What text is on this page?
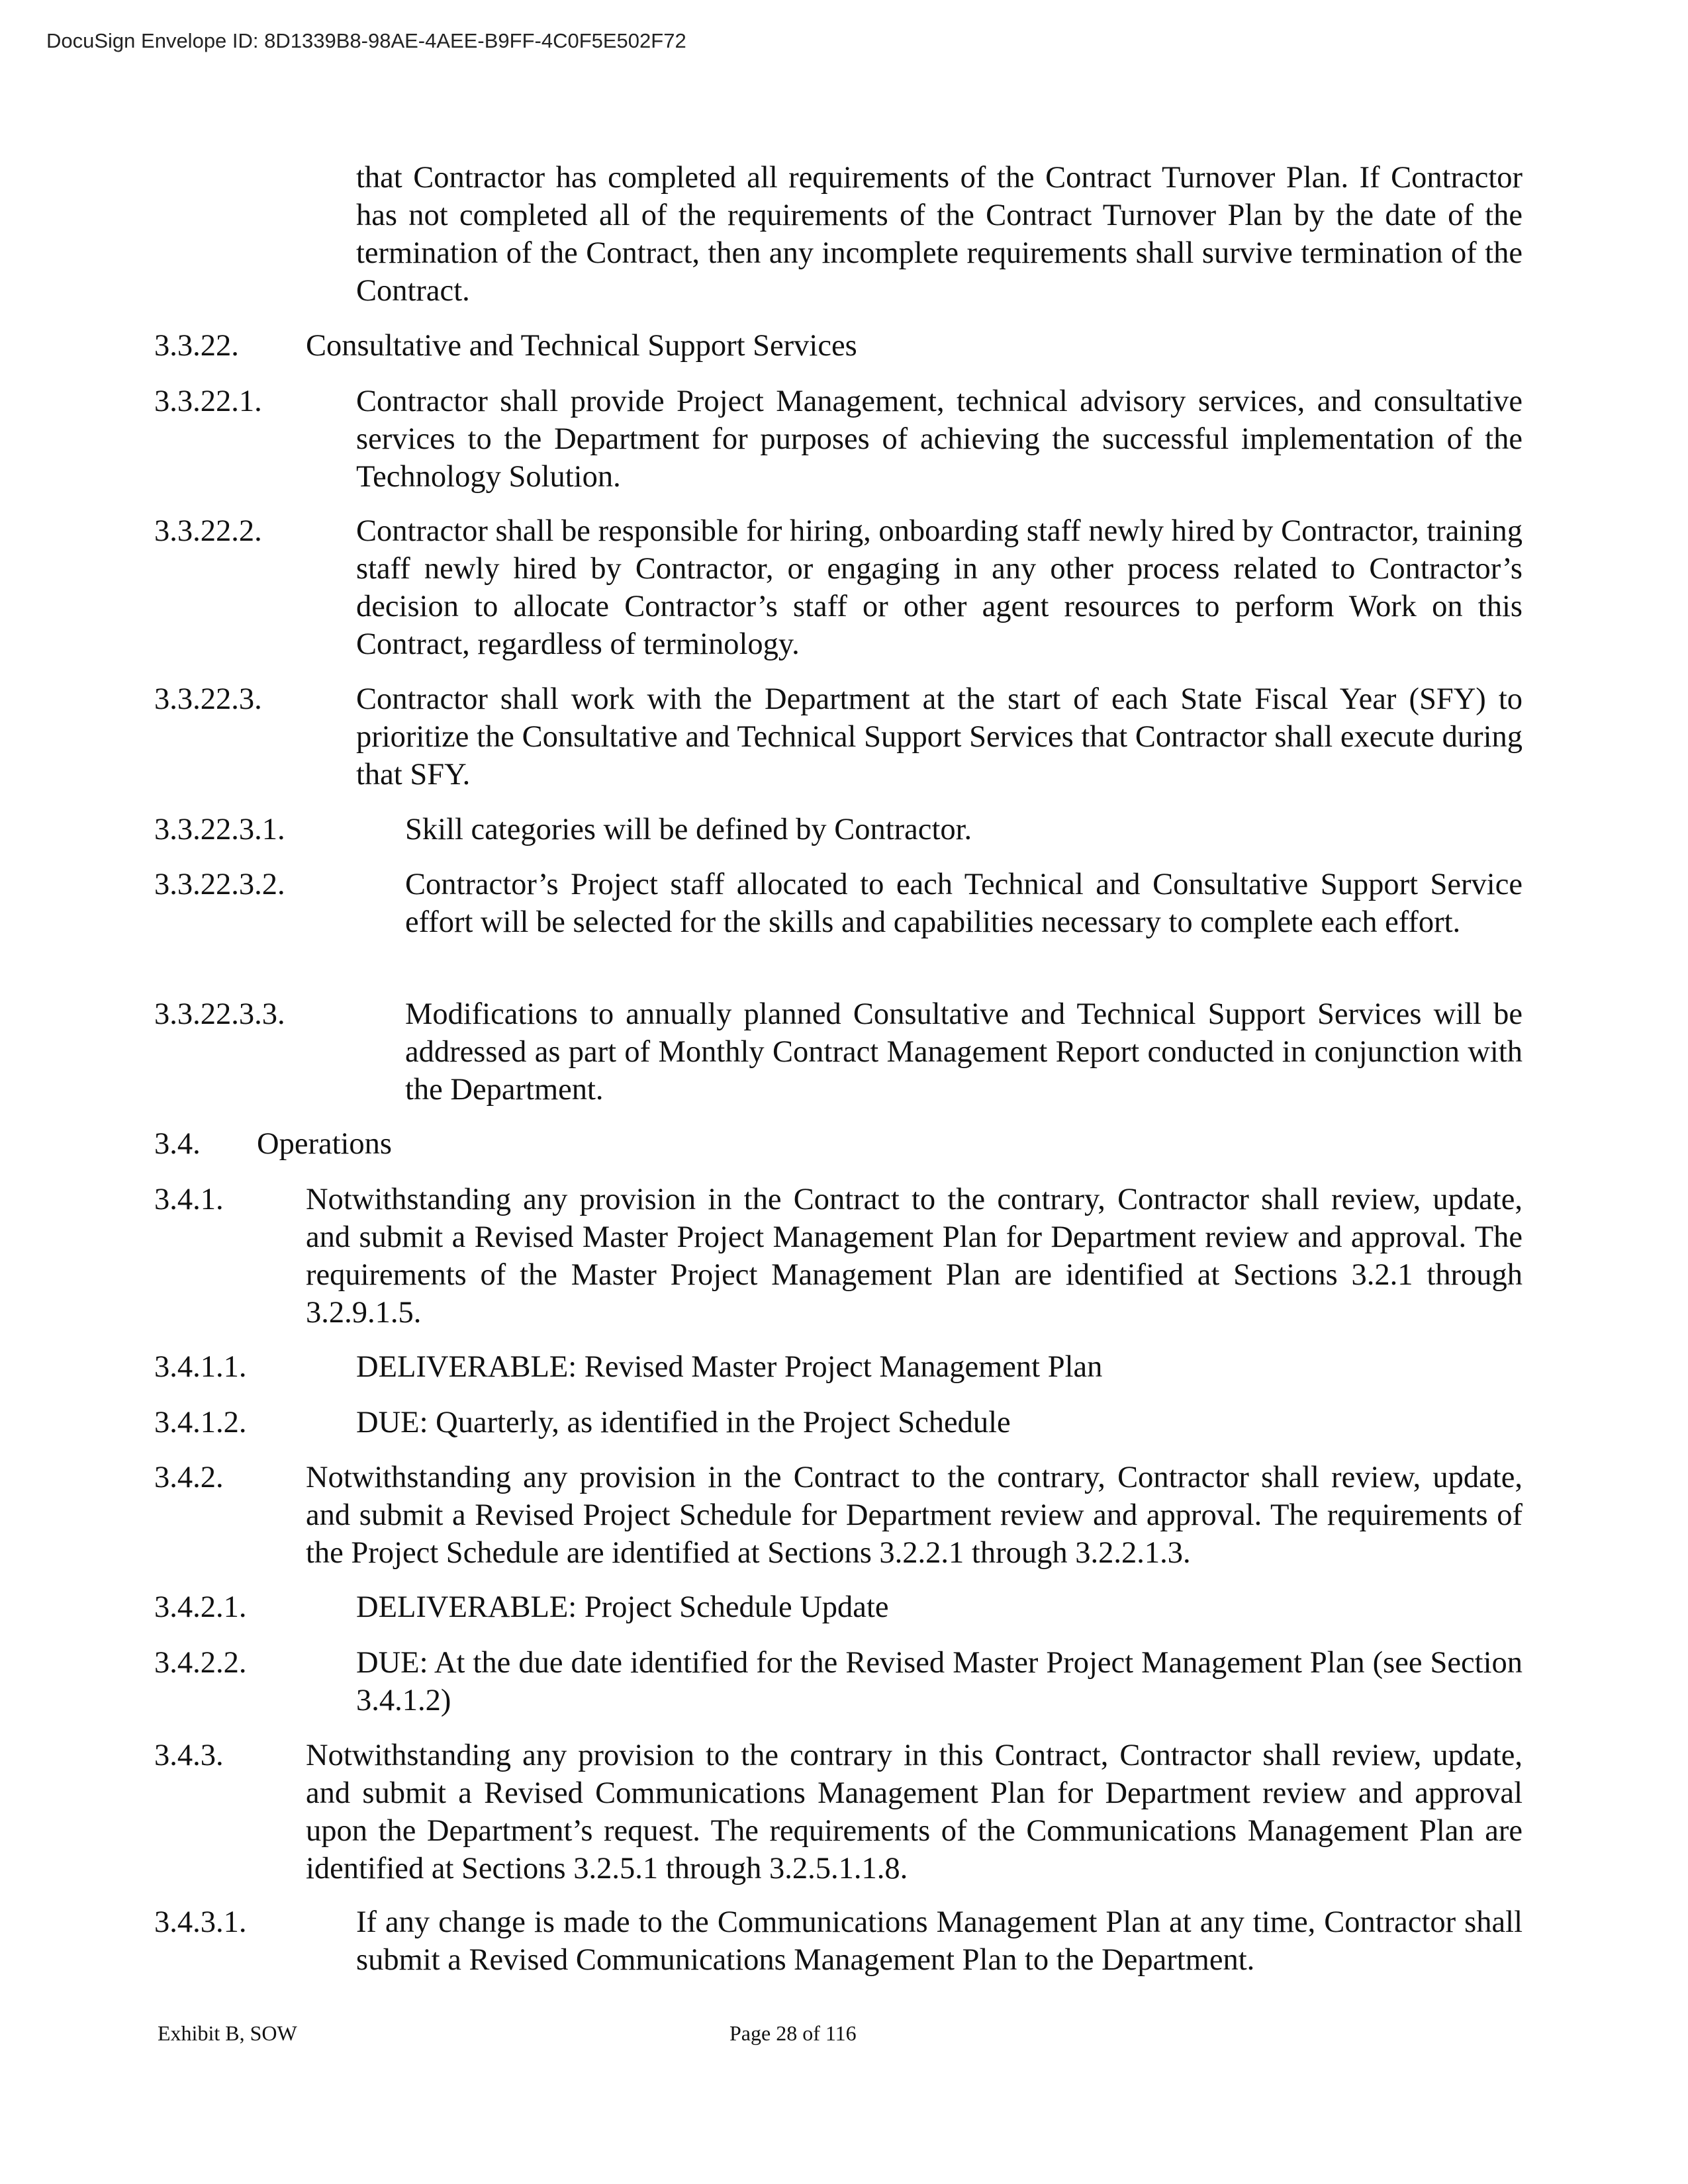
DocuSign Envelope ID: 8D1339B8-98AE-4AEE-B9FF-4C0F5E502F72
that Contractor has completed all requirements of the Contract Turnover Plan. If Contractor has not completed all of the requirements of the Contract Turnover Plan by the date of the termination of the Contract, then any incomplete requirements shall survive termination of the Contract.
3.3.22. Consultative and Technical Support Services
3.3.22.1.	Contractor shall provide Project Management, technical advisory services, and consultative services to the Department for purposes of achieving the successful implementation of the Technology Solution.
3.3.22.2.	Contractor shall be responsible for hiring, onboarding staff newly hired by Contractor, training staff newly hired by Contractor, or engaging in any other process related to Contractor’s decision to allocate Contractor’s staff or other agent resources to perform Work on this Contract, regardless of terminology.
3.3.22.3.	Contractor shall work with the Department at the start of each State Fiscal Year (SFY) to prioritize the Consultative and Technical Support Services that Contractor shall execute during that SFY.
3.3.22.3.1.	Skill categories will be defined by Contractor.
3.3.22.3.2.	Contractor’s Project staff allocated to each Technical and Consultative Support Service effort will be selected for the skills and capabilities necessary to complete each effort.
3.3.22.3.3.	Modifications to annually planned Consultative and Technical Support Services will be addressed as part of Monthly Contract Management Report conducted in conjunction with the Department.
3.4. Operations
3.4.1.	Notwithstanding any provision in the Contract to the contrary, Contractor shall review, update, and submit a Revised Master Project Management Plan for Department review and approval. The requirements of the Master Project Management Plan are identified at Sections 3.2.1 through 3.2.9.1.5.
3.4.1.1.	DELIVERABLE: Revised Master Project Management Plan
3.4.1.2.	DUE: Quarterly, as identified in the Project Schedule
3.4.2.	Notwithstanding any provision in the Contract to the contrary, Contractor shall review, update, and submit a Revised Project Schedule for Department review and approval. The requirements of the Project Schedule are identified at Sections 3.2.2.1 through 3.2.2.1.3.
3.4.2.1.	DELIVERABLE: Project Schedule Update
3.4.2.2.	DUE: At the due date identified for the Revised Master Project Management Plan (see Section 3.4.1.2)
3.4.3.	Notwithstanding any provision to the contrary in this Contract, Contractor shall review, update, and submit a Revised Communications Management Plan for Department review and approval upon the Department’s request. The requirements of the Communications Management Plan are identified at Sections 3.2.5.1 through 3.2.5.1.1.8.
3.4.3.1.	If any change is made to the Communications Management Plan at any time, Contractor shall submit a Revised Communications Management Plan to the Department.
Exhibit B, SOW	Page 28 of 116
